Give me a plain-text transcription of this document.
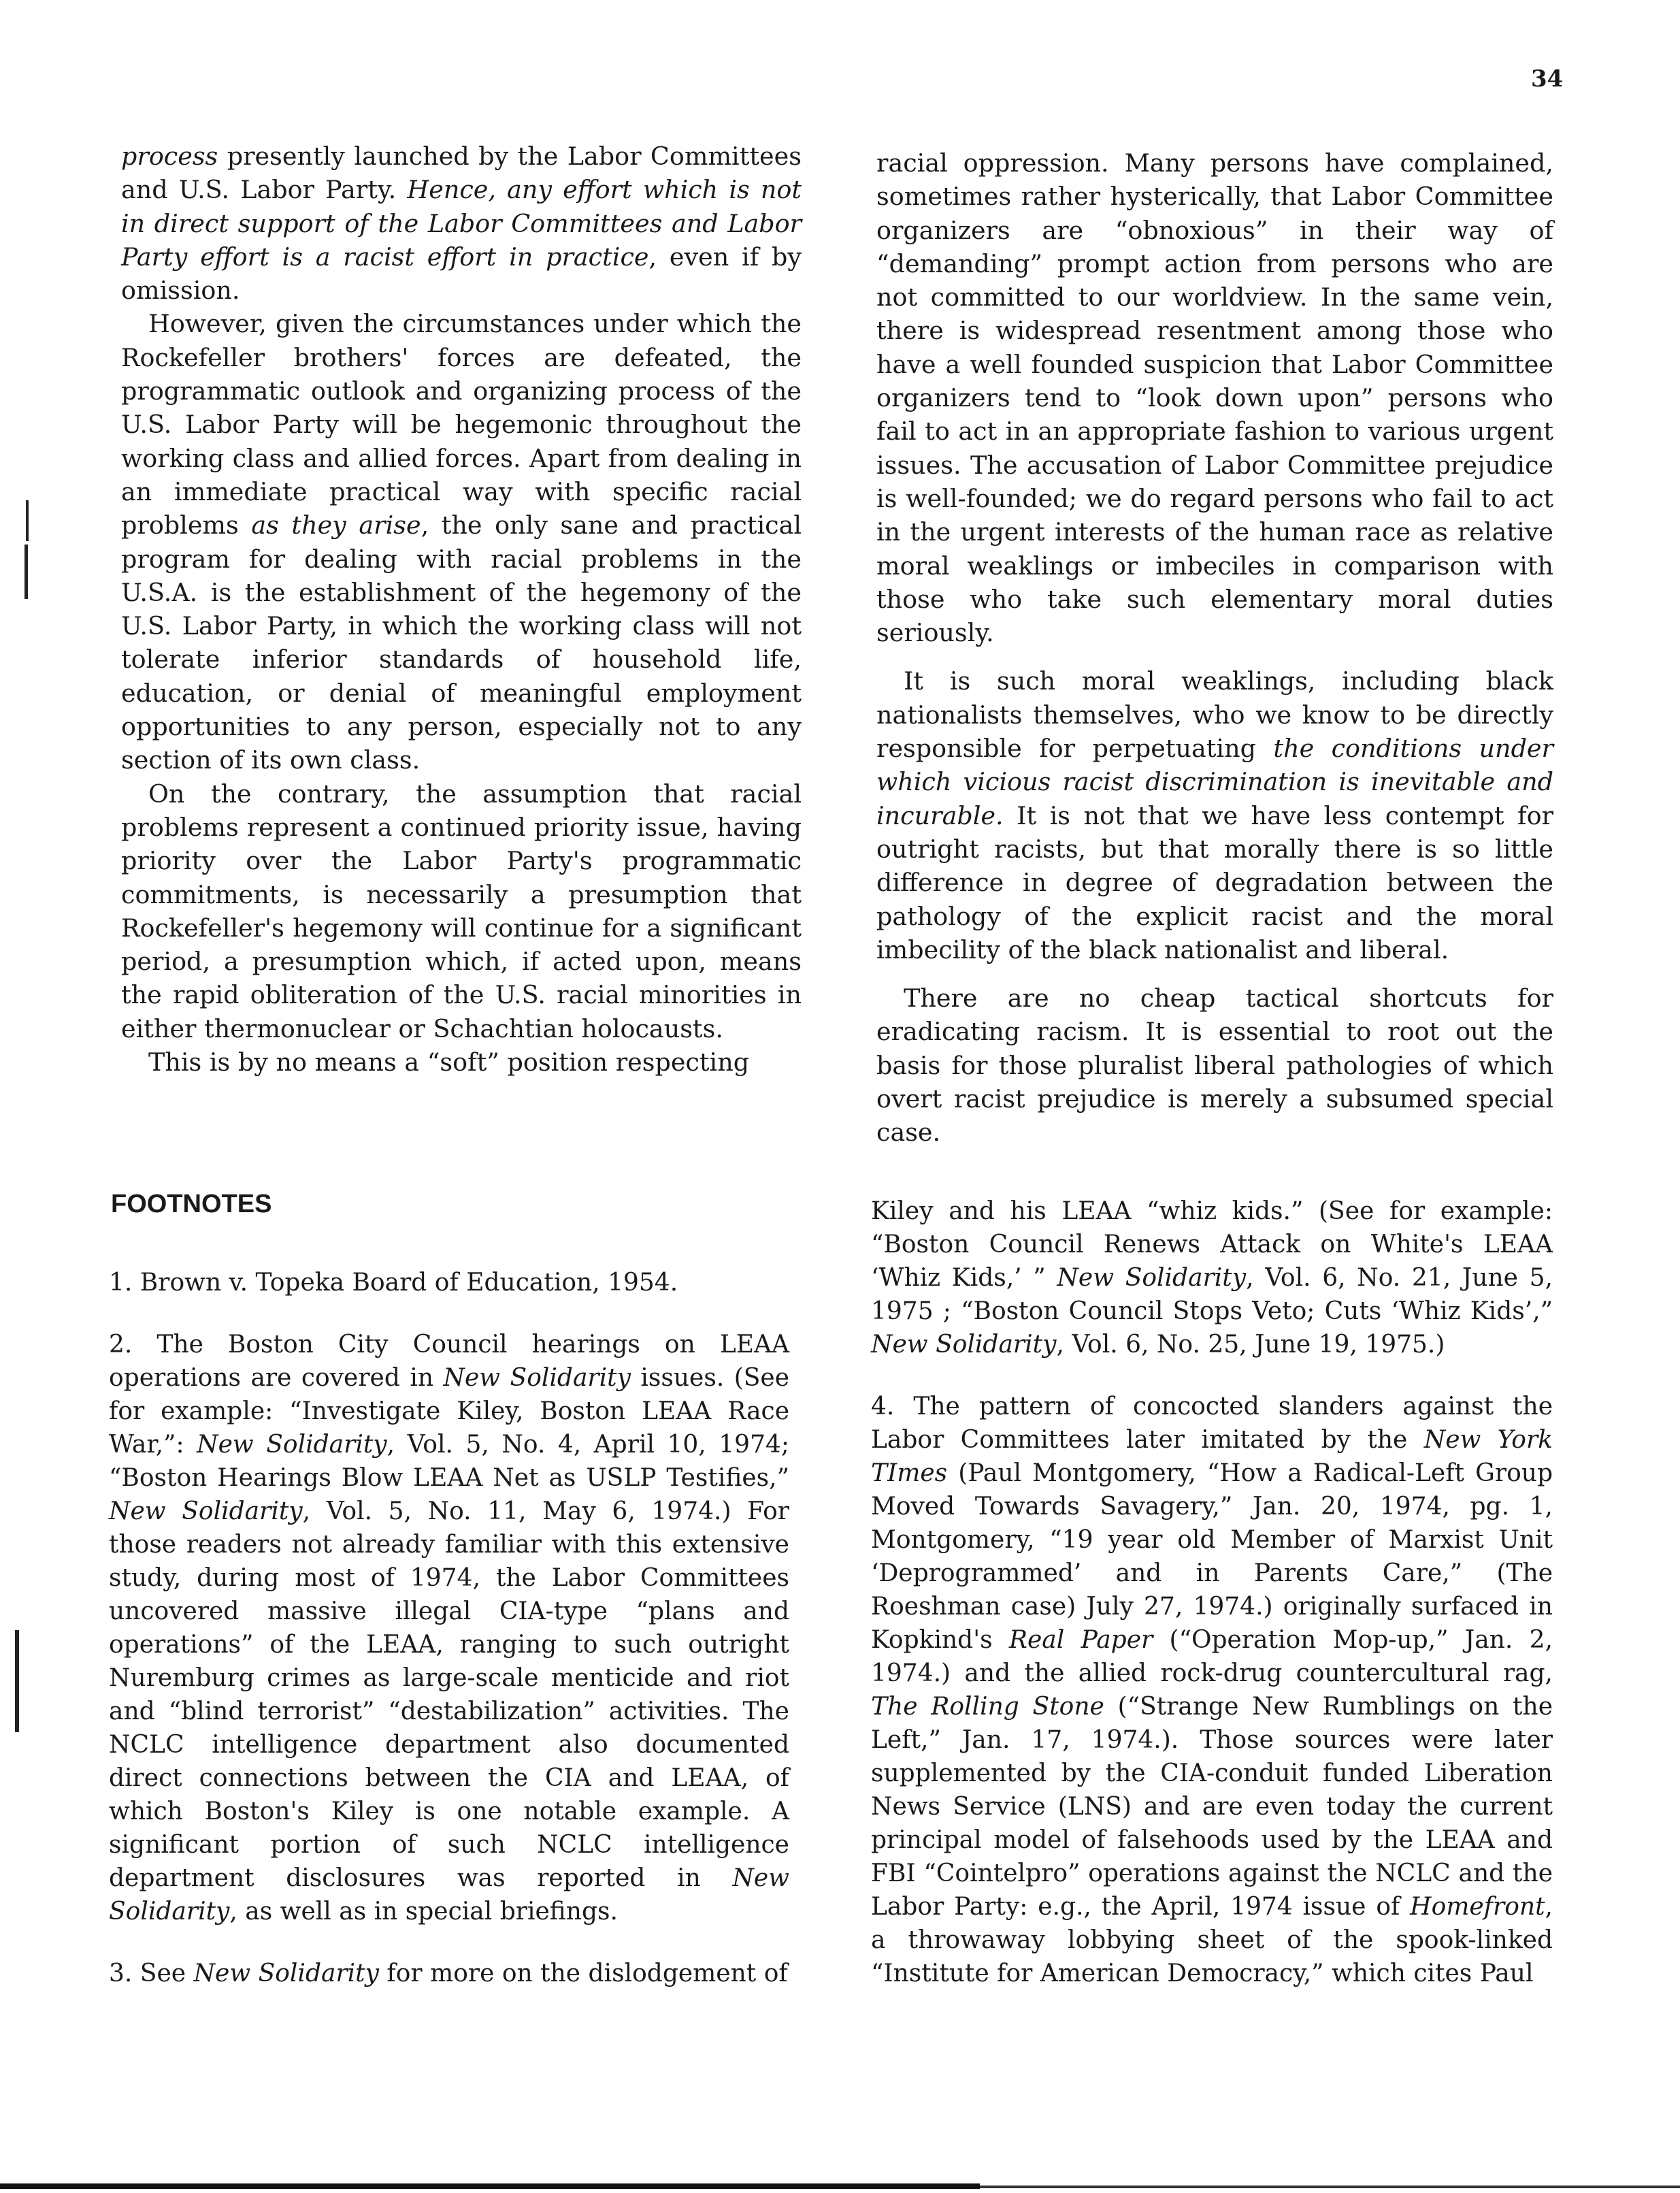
34

process presently launched by the Labor Committees and U.S. Labor Party. Hence, any effort which is not in direct support of the Labor Committees and Labor Party effort is a racist effort in practice, even if by omission.

However, given the circumstances under which the Rockefeller brothers' forces are defeated, the programmatic outlook and organizing process of the U.S. Labor Party will be hegemonic throughout the working class and allied forces. Apart from dealing in an immediate practical way with specific racial problems as they arise, the only sane and practical program for dealing with racial problems in the U.S.A. is the establishment of the hegemony of the U.S. Labor Party, in which the working class will not tolerate inferior standards of household life, education, or denial of meaningful employment opportunities to any person, especially not to any section of its own class.

On the contrary, the assumption that racial problems represent a continued priority issue, having priority over the Labor Party's programmatic commitments, is necessarily a presumption that Rockefeller's hegemony will continue for a significant period, a presumption which, if acted upon, means the rapid obliteration of the U.S. racial minorities in either thermonuclear or Schachtian holocausts.

This is by no means a “soft” position respecting

racial oppression. Many persons have complained, sometimes rather hysterically, that Labor Committee organizers are “obnoxious” in their way of “demanding” prompt action from persons who are not committed to our worldview. In the same vein, there is widespread resentment among those who have a well founded suspicion that Labor Committee organizers tend to “look down upon” persons who fail to act in an appropriate fashion to various urgent issues. The accusation of Labor Committee prejudice is well-founded; we do regard persons who fail to act in the urgent interests of the human race as relative moral weaklings or imbeciles in comparison with those who take such elementary moral duties seriously.

It is such moral weaklings, including black nationalists themselves, who we know to be directly responsible for perpetuating the conditions under which vicious racist discrimination is inevitable and incurable. It is not that we have less contempt for outright racists, but that morally there is so little difference in degree of degradation between the pathology of the explicit racist and the moral imbecility of the black nationalist and liberal.

There are no cheap tactical shortcuts for eradicating racism. It is essential to root out the basis for those pluralist liberal pathologies of which overt racist prejudice is merely a subsumed special case.

FOOTNOTES

1. Brown v. Topeka Board of Education, 1954.

2. The Boston City Council hearings on LEAA operations are covered in New Solidarity issues. (See for example: “Investigate Kiley, Boston LEAA Race War,”: New Solidarity, Vol. 5, No. 4, April 10, 1974; “Boston Hearings Blow LEAA Net as USLP Testifies,” New Solidarity, Vol. 5, No. 11, May 6, 1974.) For those readers not already familiar with this extensive study, during most of 1974, the Labor Committees uncovered massive illegal CIA-type “plans and operations” of the LEAA, ranging to such outright Nuremburg crimes as large-scale menticide and riot and “blind terrorist” “destabilization” activities. The NCLC intelligence department also documented direct connections between the CIA and LEAA, of which Boston's Kiley is one notable example. A significant portion of such NCLC intelligence department disclosures was reported in New Solidarity, as well as in special briefings.

3. See New Solidarity for more on the dislodgement of

Kiley and his LEAA “whiz kids.” (See for example: “Boston Council Renews Attack on White's LEAA ‘Whiz Kids,’ ” New Solidarity, Vol. 6, No. 21, June 5, 1975 ; “Boston Council Stops Veto; Cuts ‘Whiz Kids’,” New Solidarity, Vol. 6, No. 25, June 19, 1975.)

4. The pattern of concocted slanders against the Labor Committees later imitated by the New York TImes (Paul Montgomery, “How a Radical-Left Group Moved Towards Savagery,” Jan. 20, 1974, pg. 1, Montgomery, “19 year old Member of Marxist Unit ‘Deprogrammed’ and in Parents Care,” (The Roeshman case) July 27, 1974.) originally surfaced in Kopkind's Real Paper (“Operation Mop-up,” Jan. 2, 1974.) and the allied rock-drug countercultural rag, The Rolling Stone (“Strange New Rumblings on the Left,” Jan. 17, 1974.). Those sources were later supplemented by the CIA-conduit funded Liberation News Service (LNS) and are even today the current principal model of falsehoods used by the LEAA and FBI “Cointelpro” operations against the NCLC and the Labor Party: e.g., the April, 1974 issue of Homefront, a throwaway lobbying sheet of the spook-linked “Institute for American Democracy,” which cites Paul
